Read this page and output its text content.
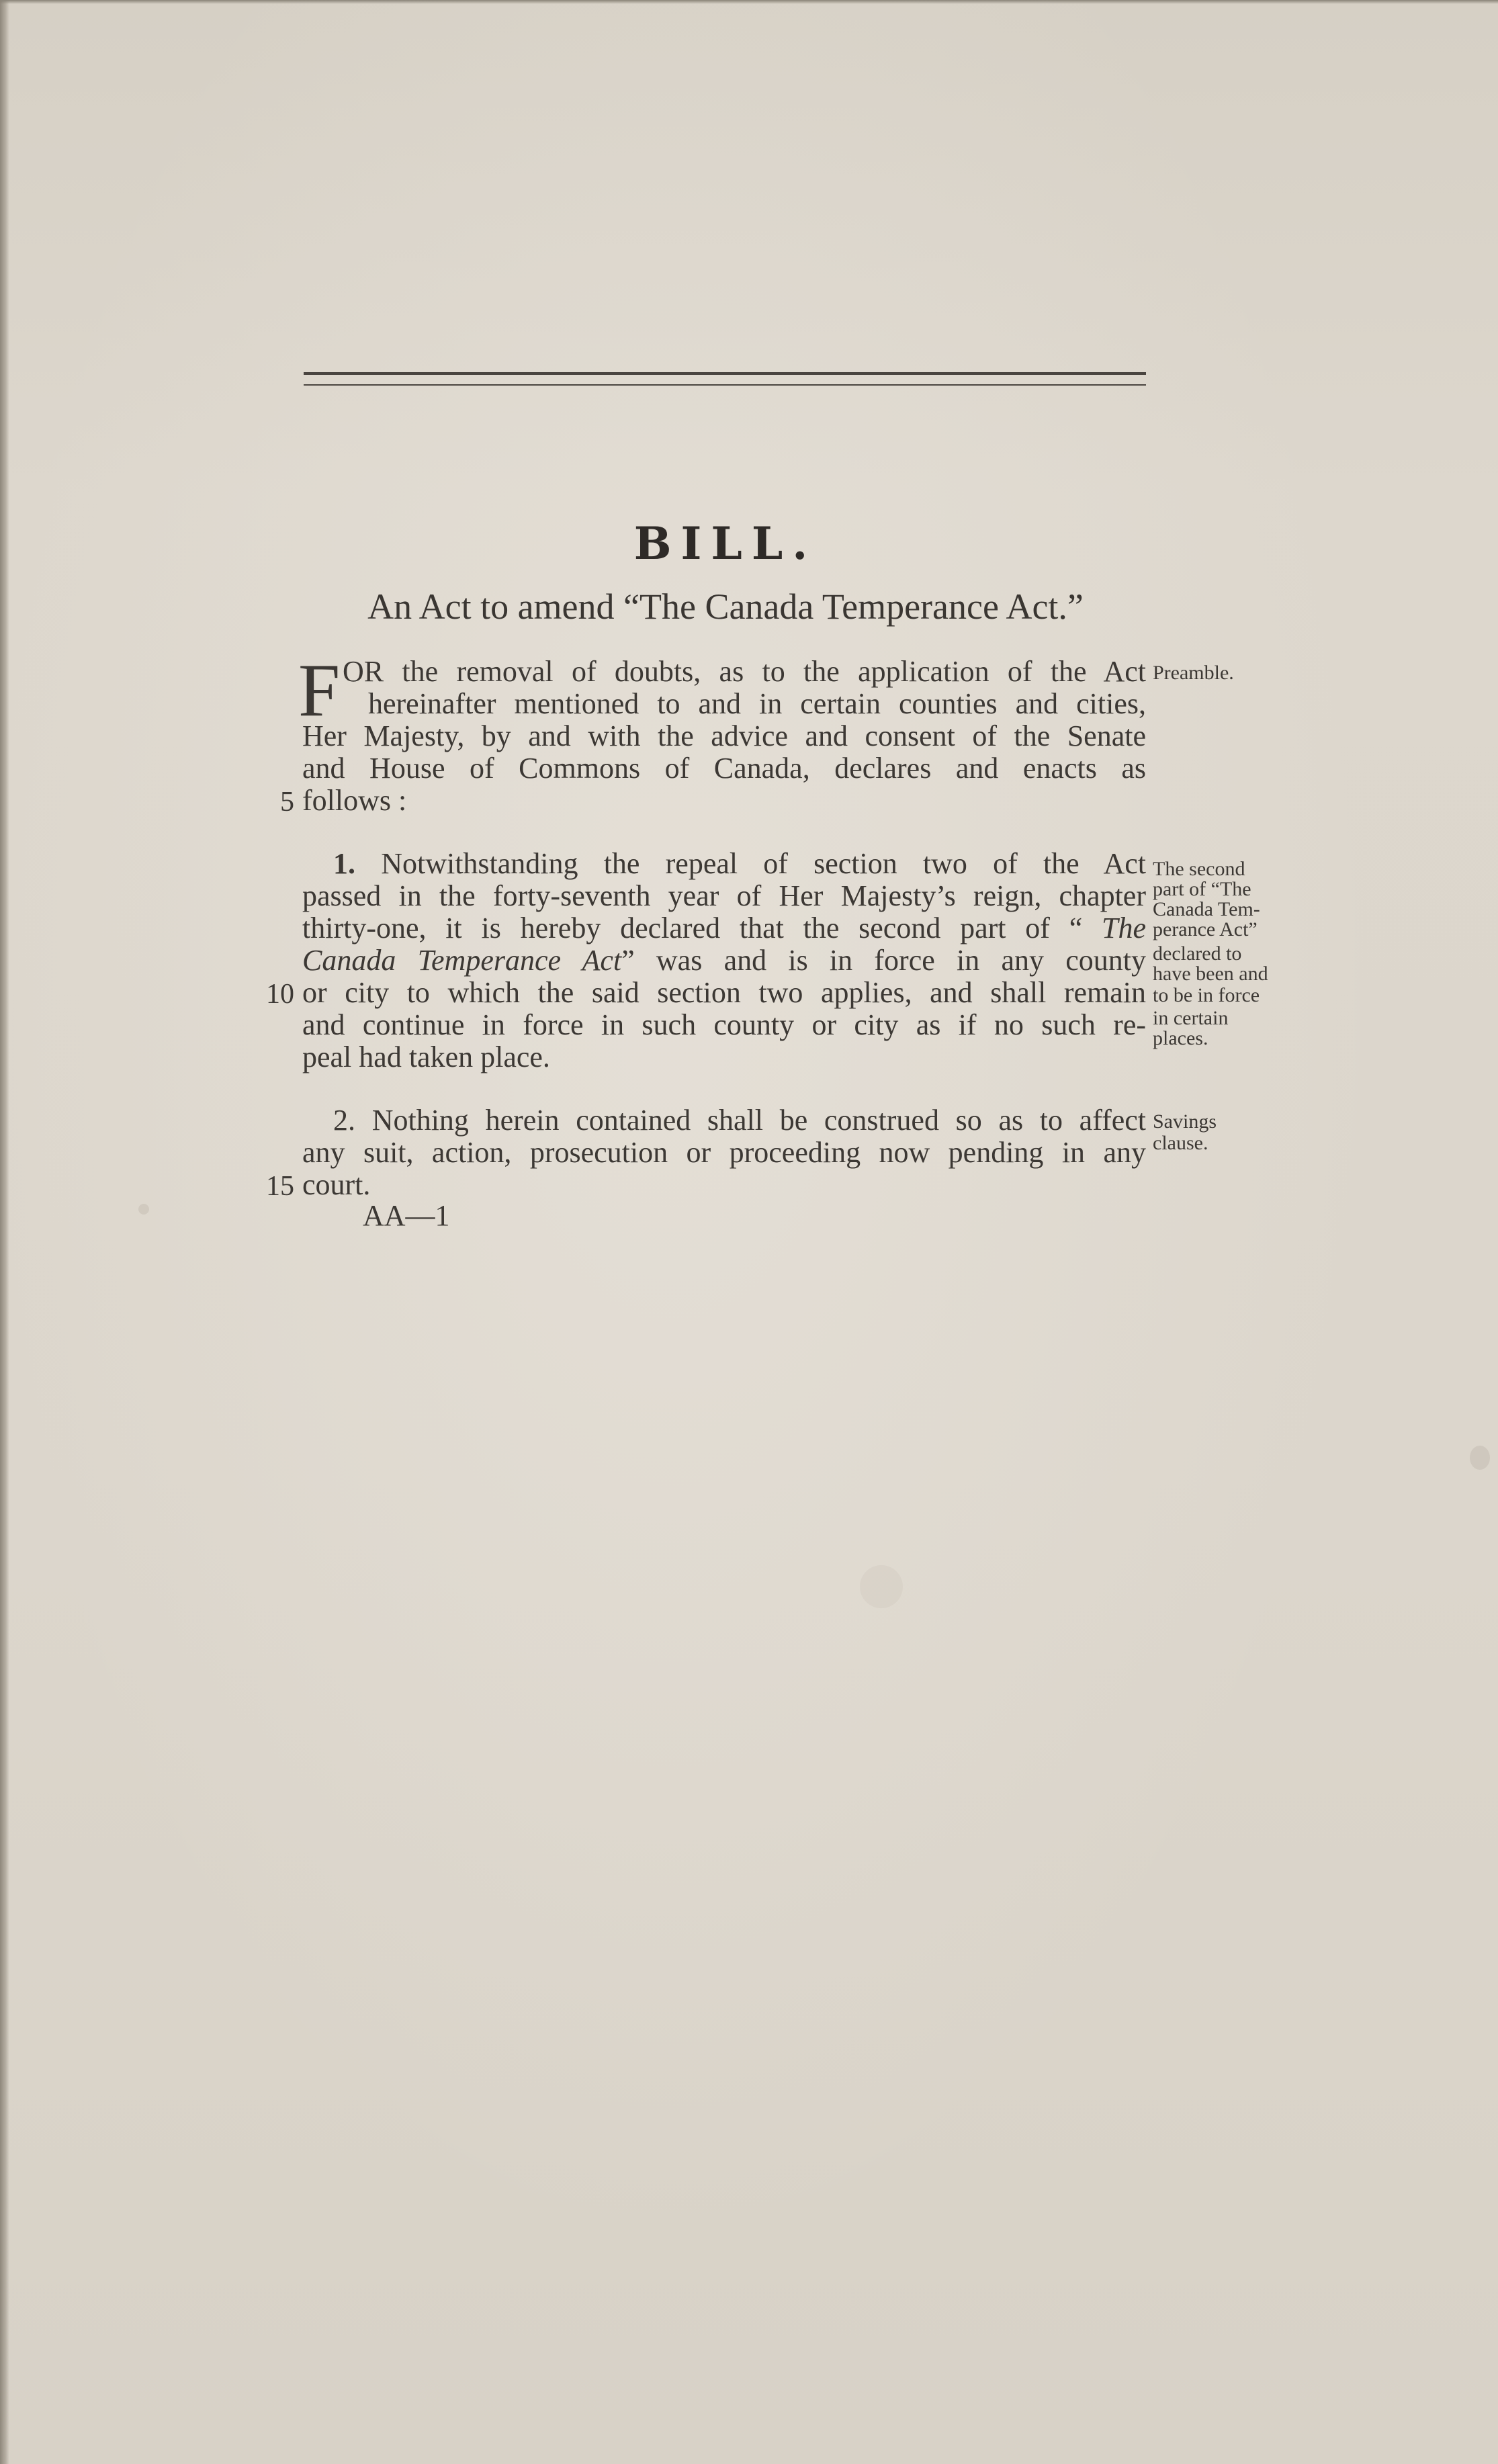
BILL.
An Act to amend “The Canada Temperance Act.”
F OR the removal of doubts, as to the application of the Act
hereinafter mentioned to and in certain counties and cities,
Her Majesty, by and with the advice and consent of the Senate
and House of Commons of Canada, declares and enacts as
follows :
5
Preamble.
1. Notwithstanding the repeal of section two of the Act
passed in the forty-seventh year of Her Majesty’s reign, chapter
thirty-one, it is hereby declared that the second part of “ The
Canada Temperance Act” was and is in force in any county
or city to which the said section two applies, and shall remain
and continue in force in such county or city as if no such re-
peal had taken place.
10
The second
part of “The
Canada Tem-
perance Act”
declared to
have been and
to be in force
in certain
places.
2. Nothing herein contained shall be construed so as to affect
any suit, action, prosecution or proceeding now pending in any
court.
15
Savings
clause.
AA—1
